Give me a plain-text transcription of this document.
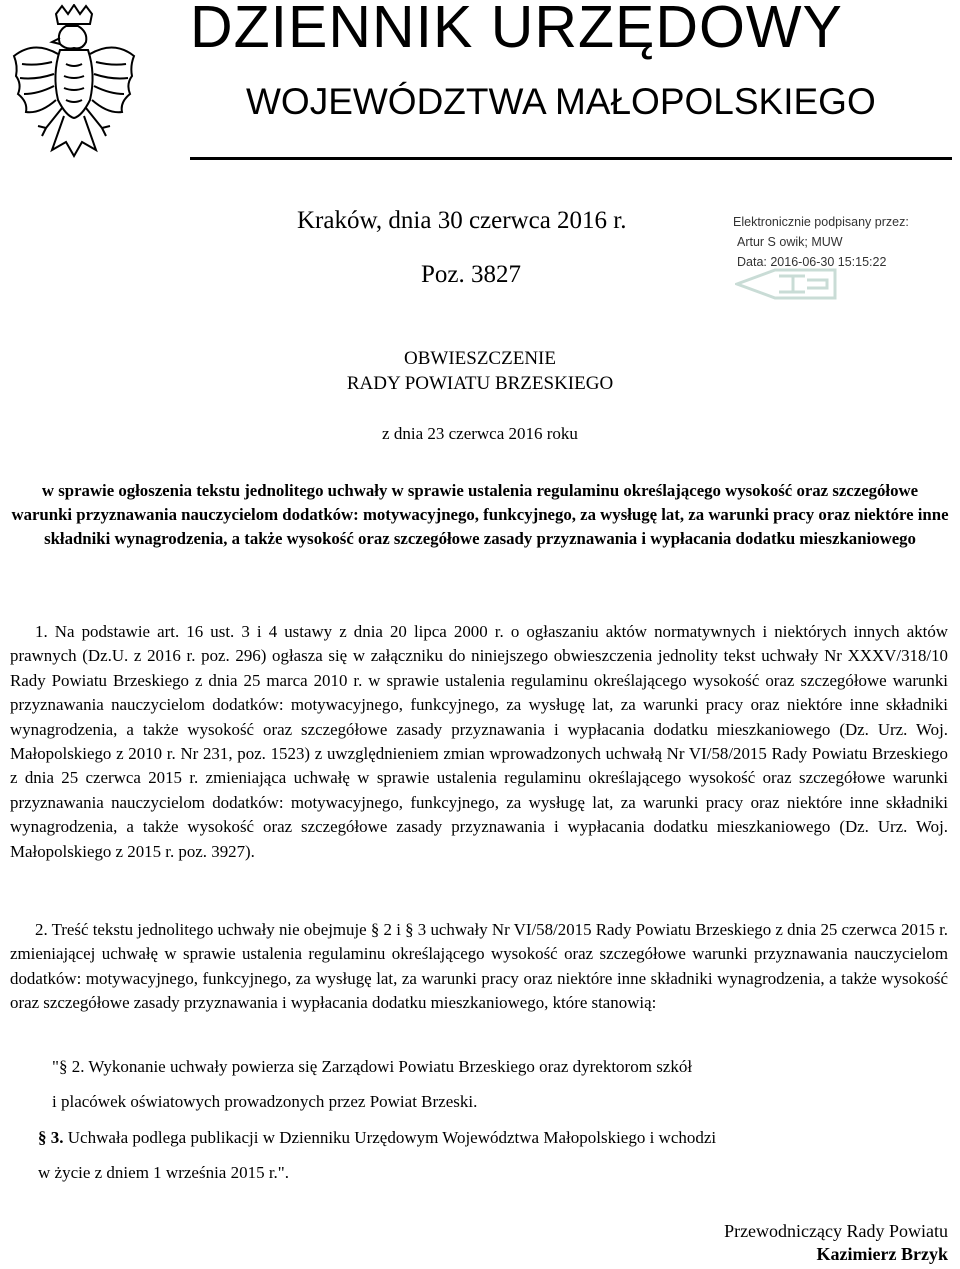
DZIENNIK URZĘDOWY
WOJEWÓDZTWA MAŁOPOLSKIEGO
Kraków, dnia 30 czerwca 2016 r.
Poz. 3827
Elektronicznie podpisany przez:
Artur S owik; MUW
Data: 2016-06-30 15:15:22
OBWIESZCZENIE
RADY POWIATU BRZESKIEGO
z dnia 23 czerwca 2016 roku
w sprawie ogłoszenia tekstu jednolitego uchwały w sprawie ustalenia regulaminu określającego wysokość oraz szczegółowe warunki przyznawania nauczycielom dodatków: motywacyjnego, funkcyjnego, za wysługę lat, za warunki pracy oraz niektóre inne składniki wynagrodzenia, a także wysokość oraz szczegółowe zasady przyznawania i wypłacania dodatku mieszkaniowego
1. Na podstawie art. 16 ust. 3 i 4 ustawy z dnia 20 lipca 2000 r. o ogłaszaniu aktów normatywnych i niektórych innych aktów prawnych (Dz.U. z 2016 r. poz. 296) ogłasza się w załączniku do niniejszego obwieszczenia jednolity tekst uchwały Nr XXXV/318/10 Rady Powiatu Brzeskiego z dnia 25 marca 2010 r. w sprawie ustalenia regulaminu określającego wysokość oraz szczegółowe warunki przyznawania nauczycielom dodatków: motywacyjnego, funkcyjnego, za wysługę lat, za warunki pracy oraz niektóre inne składniki wynagrodzenia, a także wysokość oraz szczegółowe zasady przyznawania i wypłacania dodatku mieszkaniowego (Dz. Urz. Woj. Małopolskiego z 2010 r. Nr 231, poz. 1523) z uwzględnieniem zmian wprowadzonych uchwałą Nr VI/58/2015 Rady Powiatu Brzeskiego z dnia 25 czerwca 2015 r. zmieniająca uchwałę w sprawie ustalenia regulaminu określającego wysokość oraz szczegółowe warunki przyznawania nauczycielom dodatków: motywacyjnego, funkcyjnego, za wysługę lat, za warunki pracy oraz niektóre inne składniki wynagrodzenia, a także wysokość oraz szczegółowe zasady przyznawania i wypłacania dodatku mieszkaniowego (Dz. Urz. Woj. Małopolskiego z 2015 r. poz. 3927).
2. Treść tekstu jednolitego uchwały nie obejmuje § 2 i § 3 uchwały Nr VI/58/2015 Rady Powiatu Brzeskiego z dnia 25 czerwca 2015 r. zmieniającej uchwałę w sprawie ustalenia regulaminu określającego wysokość oraz szczegółowe warunki przyznawania nauczycielom dodatków: motywacyjnego, funkcyjnego, za wysługę lat, za warunki pracy oraz niektóre inne składniki wynagrodzenia, a także wysokość oraz szczegółowe zasady przyznawania i wypłacania dodatku mieszkaniowego, które stanowią:
"§ 2. Wykonanie uchwały powierza się Zarządowi Powiatu Brzeskiego oraz dyrektorom szkół
i placówek oświatowych prowadzonych przez Powiat Brzeski.
§ 3. Uchwała podlega publikacji w Dzienniku Urzędowym Województwa Małopolskiego i wchodzi
w życie z dniem 1 września 2015 r.".
Przewodniczący Rady Powiatu
Kazimierz Brzyk
